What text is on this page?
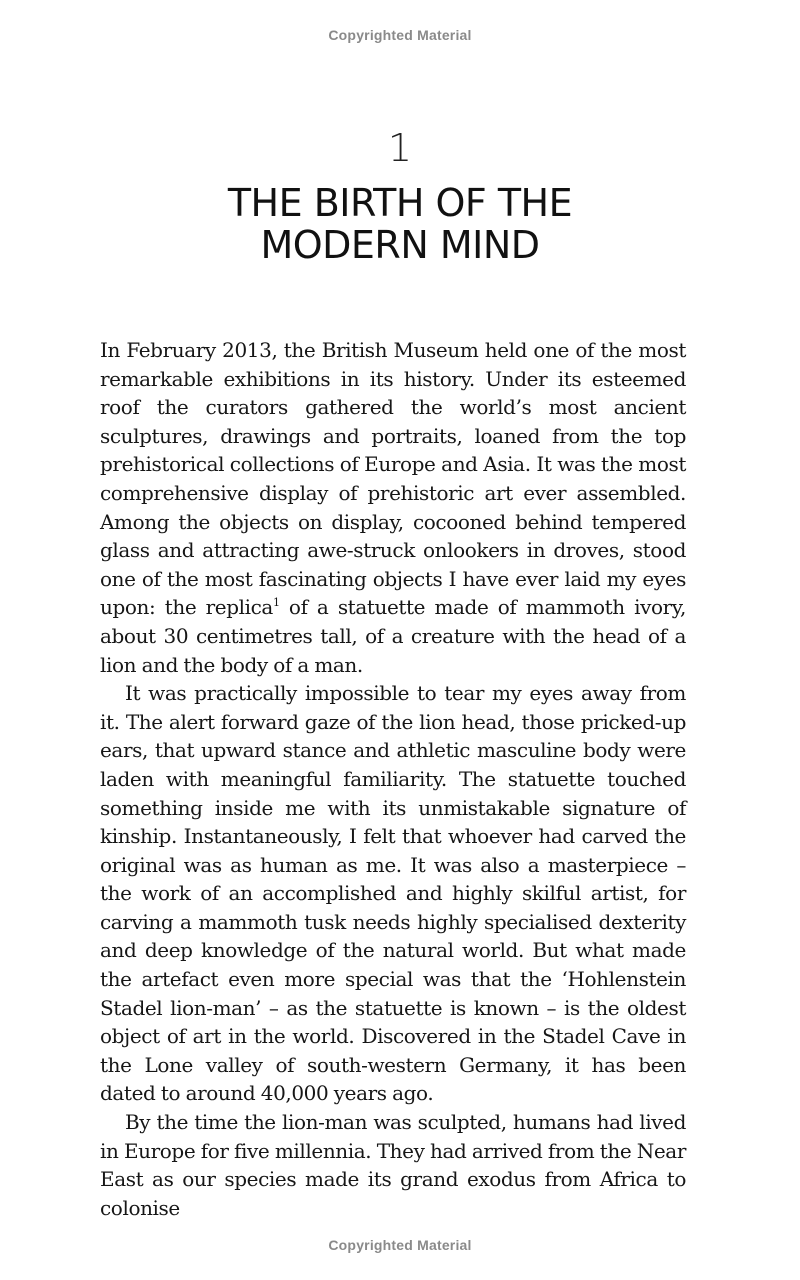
Copyrighted Material
1
THE BIRTH OF THE
MODERN MIND

In February 2013, the British Museum held one of the most remarkable exhibitions in its history. Under its esteemed roof the curators gathered the world’s most ancient sculptures, drawings and portraits, loaned from the top prehistorical collections of Europe and Asia. It was the most comprehensive display of prehistoric art ever assembled. Among the objects on display, cocooned behind tempered glass and attracting awe-struck onlookers in droves, stood one of the most fascinating objects I have ever laid my eyes upon: the replica$^1$ of a statuette made of mammoth ivory, about 30 centimetres tall, of a creature with the head of a lion and the body of a man.

It was practically impossible to tear my eyes away from it. The alert forward gaze of the lion head, those pricked-up ears, that upward stance and athletic masculine body were laden with meaningful familiarity. The statuette touched something inside me with its unmistakable signature of kinship. Instantaneously, I felt that whoever had carved the original was as human as me. It was also a masterpiece – the work of an accomplished and highly skilful artist, for carving a mammoth tusk needs highly specialised dexterity and deep knowledge of the natural world. But what made the artefact even more special was that the ‘Hohlenstein Stadel lion-man’ – as the statuette is known – is the oldest object of art in the world. Discovered in the Stadel Cave in the Lone valley of south-western Germany, it has been dated to around 40,000 years ago.

By the time the lion-man was sculpted, humans had lived in Europe for five millennia. They had arrived from the Near East as our species made its grand exodus from Africa to colonise

Copyrighted Material
